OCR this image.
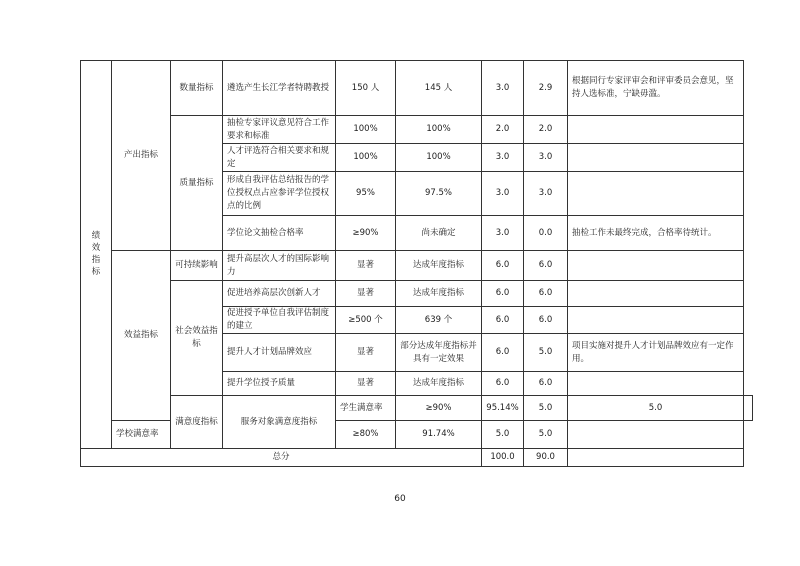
绩效指标	产出指标	数量指标	遴选产生长江学者特聘教授	150 人	145 人	3.0	2.9	根据同行专家评审会和评审委员会意见，坚持人选标准，宁缺毋滥。	
		质量指标	抽检专家评议意见符合工作要求和标准	100%	100%	2.0	2.0		
			人才评选符合相关要求和规定	100%	100%	3.0	3.0		
			形成自我评估总结报告的学位授权点占应参评学位授权点的比例	95%	97.5%	3.0	3.0		
			学位论文抽检合格率	≥90%	尚未确定	3.0	0.0	抽检工作未最终完成，合格率待统计。	
	效益指标	可持续影响	提升高层次人才的国际影响力	显著	达成年度指标	6.0	6.0		
		社会效益指标	促进培养高层次创新人才	显著	达成年度指标	6.0	6.0		
			促进授予单位自我评估制度的建立	≥500 个	639 个	6.0	6.0		
			提升人才计划品牌效应	显著	部分达成年度指标并具有一定效果	6.0	5.0	项目实施对提升人才计划品牌效应有一定作用。	
			提升学位授予质量	显著	达成年度指标	6.0	6.0		
		满意度指标	服务对象满意度指标	学生满意率	≥90%	95.14%	5.0	5.0	
	学校满意率			≥80%	91.74%	5.0	5.0		
总分						100.0	90.0		
60
